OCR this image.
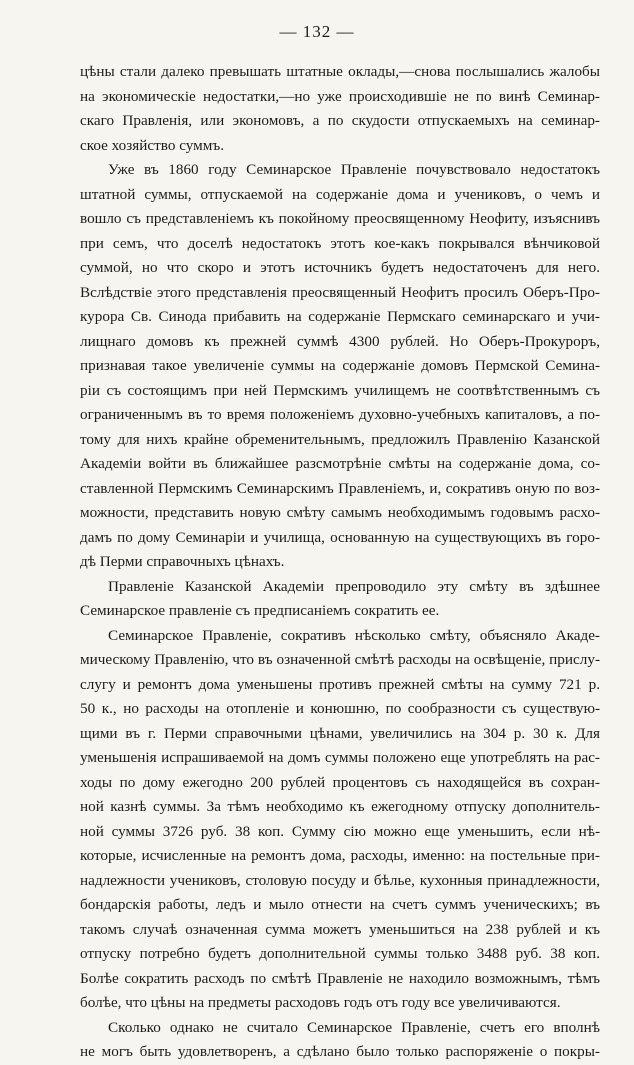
— 132 —
цѣны стали далеко превышать штатные оклады,—снова послышались жалобы
на экономическіе недостатки,—но уже происходившіе не по винѣ Семинар-
скаго Правленія, или экономовъ, а по скудости отпускаемыхъ на семинар-
ское хозяйство суммъ.
Уже въ 1860 году Семинарское Правленіе почувствовало недостатокъ
штатной суммы, отпускаемой на содержаніе дома и учениковъ, о чемъ и
вошло съ представленіемъ къ покойному преосвященному Неофиту, изъяснивъ
при семъ, что доселѣ недостатокъ этотъ кое-какъ покрывался вѣнчиковой
суммой, но что скоро и этотъ источникъ будетъ недостаточенъ для него.
Вслѣдствіе этого представленія преосвященный Неофитъ просилъ Оберъ-Про-
курора Св. Синода прибавить на содержаніе Пермскаго семинарскаго и учи-
лищнаго домовъ къ прежней суммѣ 4300 рублей. Но Оберъ-Прокуроръ,
признавая такое увеличеніе суммы на содержаніе домовъ Пермской Семина-
ріи съ состоящимъ при ней Пермскимъ училищемъ не соотвѣтственнымъ съ
ограниченнымъ въ то время положеніемъ духовно-учебныхъ капиталовъ, а по-
тому для нихъ крайне обременительнымъ, предложилъ Правленію Казанской
Академіи войти въ ближайшее разсмотрѣніе смѣты на содержаніе дома, со-
ставленной Пермскимъ Семинарскимъ Правленіемъ, и, сокративъ оную по воз-
можности, представить новую смѣту самымъ необходимымъ годовымъ расхо-
дамъ по дому Семинаріи и училища, основанную на существующихъ въ горо-
дѣ Перми справочныхъ цѣнахъ.
Правленіе Казанской Академіи препроводило эту смѣту въ здѣшнее
Семинарское правленіе съ предписаніемъ сократить ее.
Семинарское Правленіе, сокративъ нѣсколько смѣту, объясняло Акаде-
мическому Правленію, что въ означенной смѣтѣ расходы на освѣщеніе, приcлу-
слугу и ремонтъ дома уменьшены противъ прежней смѣты на сумму 721 р.
50 к., но расходы на отопленіе и конюшню, по сообразности съ существую-
щими въ г. Перми справочными цѣнами, увеличились на 304 р. 30 к. Для
уменьшенія испрашиваемой на домъ суммы положено еще употреблять на рас-
ходы по дому ежегодно 200 рублей процентовъ съ находящейся въ сохран-
ной казнѣ суммы. За тѣмъ необходимо къ ежегодному отпуску дополнитель-
ной суммы 3726 руб. 38 коп. Сумму сію можно еще уменьшить, если нѣ-
которые, исчисленные на ремонтъ дома, расходы, именно: на постельные при-
надлежности учениковъ, столовую посуду и бѣлье, кухонныя принадлежности,
бондарскія работы, ледъ и мыло отнести на счетъ суммъ ученическихъ; въ
такомъ случаѣ означенная сумма можетъ уменьшиться на 238 рублей и къ
отпуску потребно будетъ дополнительной суммы только 3488 руб. 38 коп.
Болѣе сократить расходъ по смѣтѣ Правленіе не находило возможнымъ, тѣмъ
болѣе, что цѣны на предметы расходовъ годъ отъ году все увеличиваются.
Сколько однако не считало Семинарское Правленіе, счетъ его вполнѣ
не могъ быть удовлетворенъ, а сдѣлано было только распоряженіе о покры-
